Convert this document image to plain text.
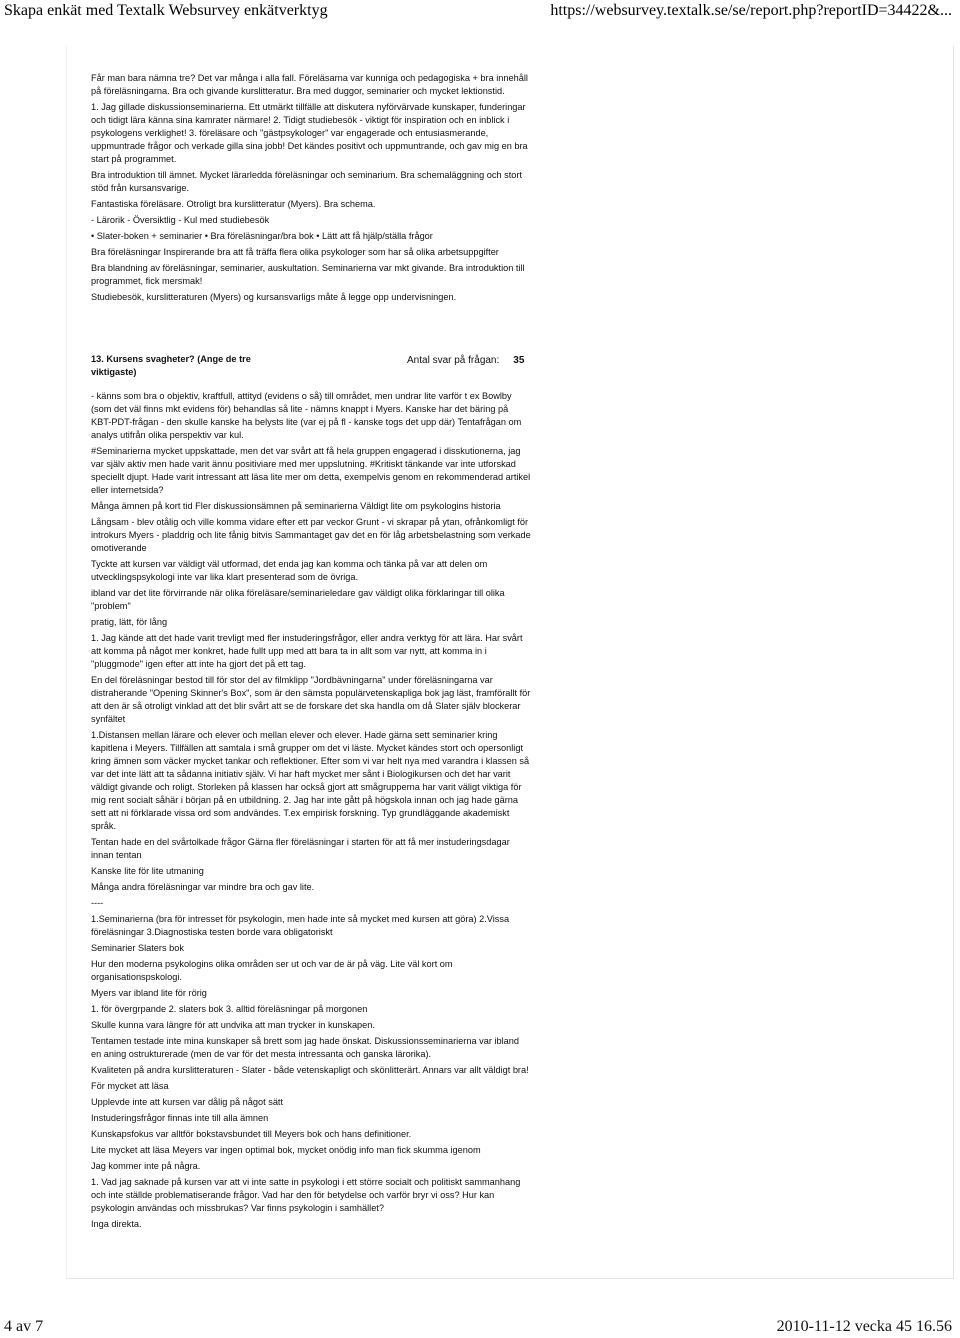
Skapa enkät med Textalk Websurvey enkätverktyg	https://websurvey.textalk.se/se/report.php?reportID=34422&...

Får man bara nämna tre? Det var många i alla fall. Föreläsarna var kunniga och pedagogiska + bra innehåll på föreläsningarna. Bra och givande kurslitteratur. Bra med duggor, seminarier och mycket lektionstid.

1. Jag gillade diskussionseminarierna. Ett utmärkt tillfälle att diskutera nyförvärvade kunskaper, funderingar och tidigt lära känna sina kamrater närmare! 2. Tidigt studiebesök - viktigt för inspiration och en inblick i psykologens verklighet! 3. föreläsare och "gästpsykologer" var engagerade och entusiasmerande, uppmuntrade frågor och verkade gilla sina jobb! Det kändes positivt och uppmuntrande, och gav mig en bra start på programmet.

Bra introduktion till ämnet. Mycket lärarledda föreläsningar och seminarium. Bra schemaläggning och stort stöd från kursansvarige.

Fantastiska föreläsare. Otroligt bra kurslitteratur (Myers). Bra schema.

- Lärorik - Översiktlig - Kul med studiebesök

• Slater-boken + seminarier • Bra föreläsningar/bra bok • Lätt att få hjälp/ställa frågor

Bra föreläsningar Inspirerande bra att få träffa flera olika psykologer som har så olika arbetsuppgifter

Bra blandning av föreläsningar, seminarier, auskultation. Seminarierna var mkt givande. Bra introduktion till programmet, fick mersmak!

Studiebesök, kurslitteraturen (Myers) og kursansvarligs måte å legge opp undervisningen.

13. Kursens svagheter? (Ange de tre viktigaste)
Antal svar på frågan: 35

- känns som bra o objektiv, kraftfull, attityd (evidens o så) till området, men undrar lite varför t ex Bowlby (som det väl finns mkt evidens för) behandlas så lite - nämns knappt i Myers. Kanske har det bäring på KBT-PDT-frågan - den skulle kanske ha belysts lite (var ej på fl - kanske togs det upp där) Tentafrågan om analys utifrån olika perspektiv var kul.

#Seminarierna mycket uppskattade, men det var svårt att få hela gruppen engagerad i disskutionerna, jag var själv aktiv men hade varit ännu positiviare med mer uppslutning. #Kritiskt tänkande var inte utforskad speciellt djupt. Hade varit intressant att läsa lite mer om detta, exempelvis genom en rekommenderad artikel eller internetsida?

Många ämnen på kort tid Fler diskussionsämnen på seminarierna Väldigt lite om psykologins historia

Långsam - blev otålig och ville komma vidare efter ett par veckor Grunt - vi skrapar på ytan, ofrånkomligt för introkurs Myers - pladdrig och lite fånig bitvis Sammantaget gav det en för låg arbetsbelastning som verkade omotiverande

Tyckte att kursen var väldigt väl utformad, det enda jag kan komma och tänka på var att delen om utvecklingspsykologi inte var lika klart presenterad som de övriga.

ibland var det lite förvirrande när olika föreläsare/seminarieledare gav väldigt olika förklaringar till olika "problem"

pratig, lätt, för lång

1. Jag kände att det hade varit trevligt med fler instuderingsfrågor, eller andra verktyg för att lära. Har svårt att komma på något mer konkret, hade fullt upp med att bara ta in allt som var nytt, att komma in i "pluggmode" igen efter att inte ha gjort det på ett tag.

En del föreläsningar bestod till för stor del av filmklipp "Jordbävningarna" under föreläsningarna var distraherande "Opening Skinner's Box", som är den sämsta populärvetenskapliga bok jag läst, framförallt för att den är så otroligt vinklad att det blir svårt att se de forskare det ska handla om då Slater själv blockerar synfältet

1.Distansen mellan lärare och elever och mellan elever och elever. Hade gärna sett seminarier kring kapitlena i Meyers. Tillfällen att samtala i små grupper om det vi läste. Mycket kändes stort och opersonligt kring ämnen som väcker mycket tankar och reflektioner. Efter som vi var helt nya med varandra i klassen så var det inte lätt att ta sådanna initiativ själv. Vi har haft mycket mer sånt i Biologikursen och det har varit väldigt givande och roligt. Storleken på klassen har också gjort att smågrupperna har varit väligt viktiga för mig rent socialt såhär i början på en utbildning. 2. Jag har inte gått på högskola innan och jag hade gärna sett att ni förklarade vissa ord som andvändes. T.ex empirisk forskning. Typ grundläggande akademiskt språk.

Tentan hade en del svårtolkade frågor Gärna fler föreläsningar i starten för att få mer instuderingsdagar innan tentan

Kanske lite för lite utmaning

Många andra föreläsningar var mindre bra och gav lite.

----

1.Seminarierna (bra för intresset för psykologin, men hade inte så mycket med kursen att göra) 2.Vissa föreläsningar 3.Diagnostiska testen borde vara obligatoriskt

Seminarier Slaters bok

Hur den moderna psykologins olika områden ser ut och var de är på väg. Lite väl kort om organisationspskologi.

Myers var ibland lite för rörig

1. för övergrpande 2. slaters bok 3. alltid föreläsningar på morgonen

Skulle kunna vara längre för att undvika att man trycker in kunskapen.

Tentamen testade inte mina kunskaper så brett som jag hade önskat. Diskussionsseminarierna var ibland en aning ostrukturerade (men de var för det mesta intressanta och ganska lärorika).

Kvaliteten på andra kurslitteraturen - Slater - både vetenskapligt och skönlitterärt. Annars var allt väldigt bra!

För mycket att läsa

Upplevde inte att kursen var dålig på något sätt

Instuderingsfrågor finnas inte till alla ämnen

Kunskapsfokus var alltför bokstavsbundet till Meyers bok och hans definitioner.

Lite mycket att läsa Meyers var ingen optimal bok, mycket onödig info man fick skumma igenom

Jag kommer inte på några.

1. Vad jag saknade på kursen var att vi inte satte in psykologi i ett större socialt och politiskt sammanhang och inte ställde problematiserande frågor. Vad har den för betydelse och varför bryr vi oss? Hur kan psykologin användas och missbrukas? Var finns psykologin i samhället?

Inga direkta.

4 av 7	2010-11-12 vecka 45 16.56
